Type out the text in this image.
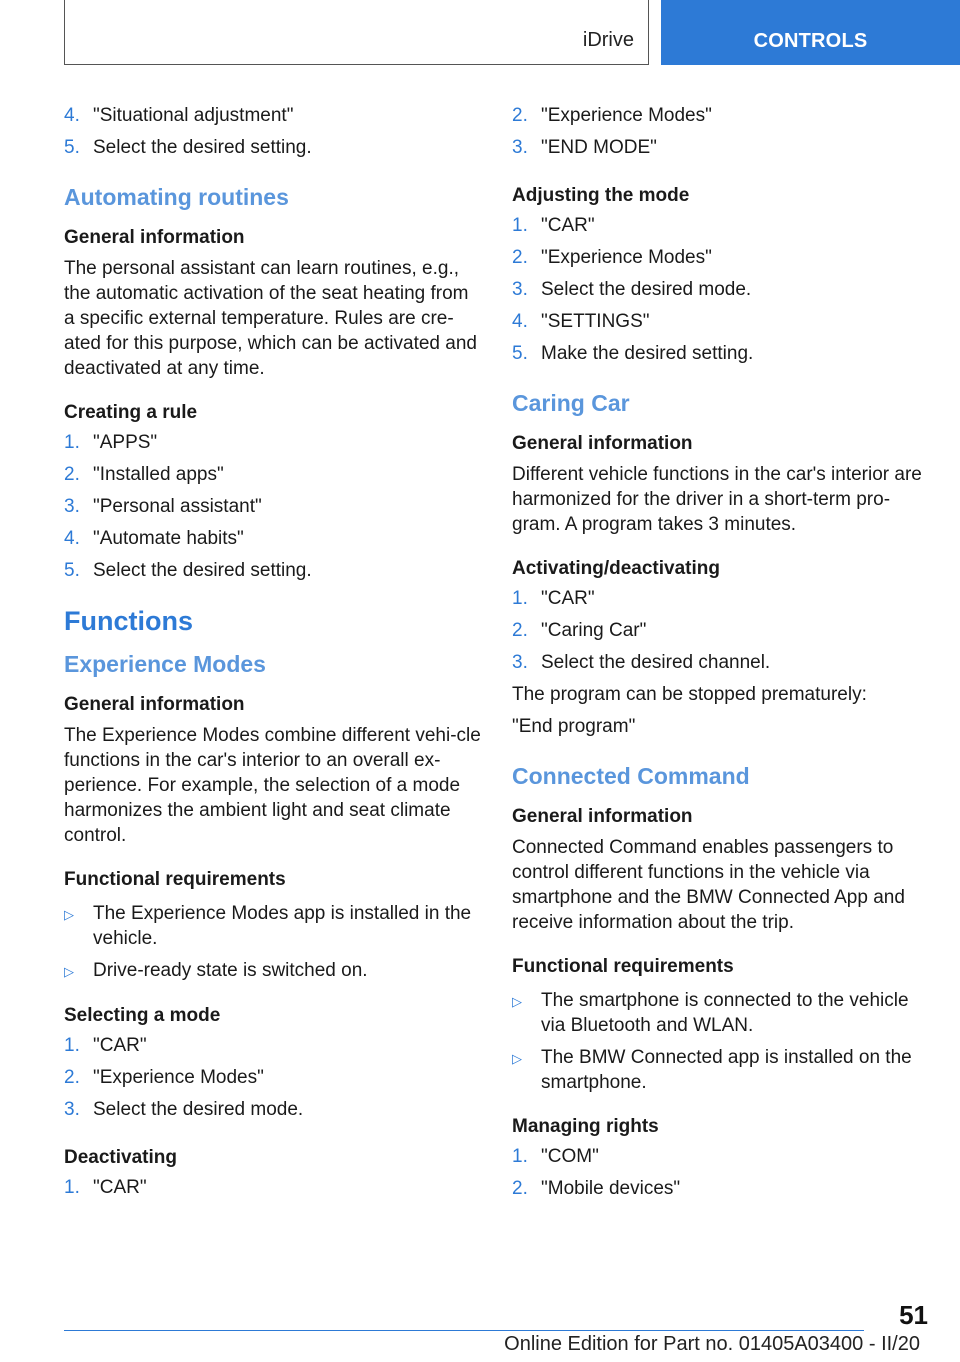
iDrive	CONTROLS
4. "Situational adjustment"
5. Select the desired setting.
Automating routines
General information
The personal assistant can learn routines, e.g., the automatic activation of the seat heating from a specific external temperature. Rules are cre‐ated for this purpose, which can be activated and deactivated at any time.
Creating a rule
1. "APPS"
2. "Installed apps"
3. "Personal assistant"
4. "Automate habits"
5. Select the desired setting.
Functions
Experience Modes
General information
The Experience Modes combine different vehi‐cle functions in the car's interior to an overall ex‐perience. For example, the selection of a mode harmonizes the ambient light and seat climate control.
Functional requirements
▷	The Experience Modes app is installed in the vehicle.
▷	Drive-ready state is switched on.
Selecting a mode
1. "CAR"
2. "Experience Modes"
3. Select the desired mode.
Deactivating
1. "CAR"
2. "Experience Modes"
3. "END MODE"
Adjusting the mode
1. "CAR"
2. "Experience Modes"
3. Select the desired mode.
4. "SETTINGS"
5. Make the desired setting.
Caring Car
General information
Different vehicle functions in the car's interior are harmonized for the driver in a short-term pro‐gram. A program takes 3 minutes.
Activating/deactivating
1. "CAR"
2. "Caring Car"
3. Select the desired channel.
The program can be stopped prematurely:
"End program"
Connected Command
General information
Connected Command enables passengers to control different functions in the vehicle via smartphone and the BMW Connected App and receive information about the trip.
Functional requirements
▷	The smartphone is connected to the vehicle via Bluetooth and WLAN.
▷	The BMW Connected app is installed on the smartphone.
Managing rights
1. "COM"
2. "Mobile devices"
51
Online Edition for Part no. 01405A03400 - II/20
